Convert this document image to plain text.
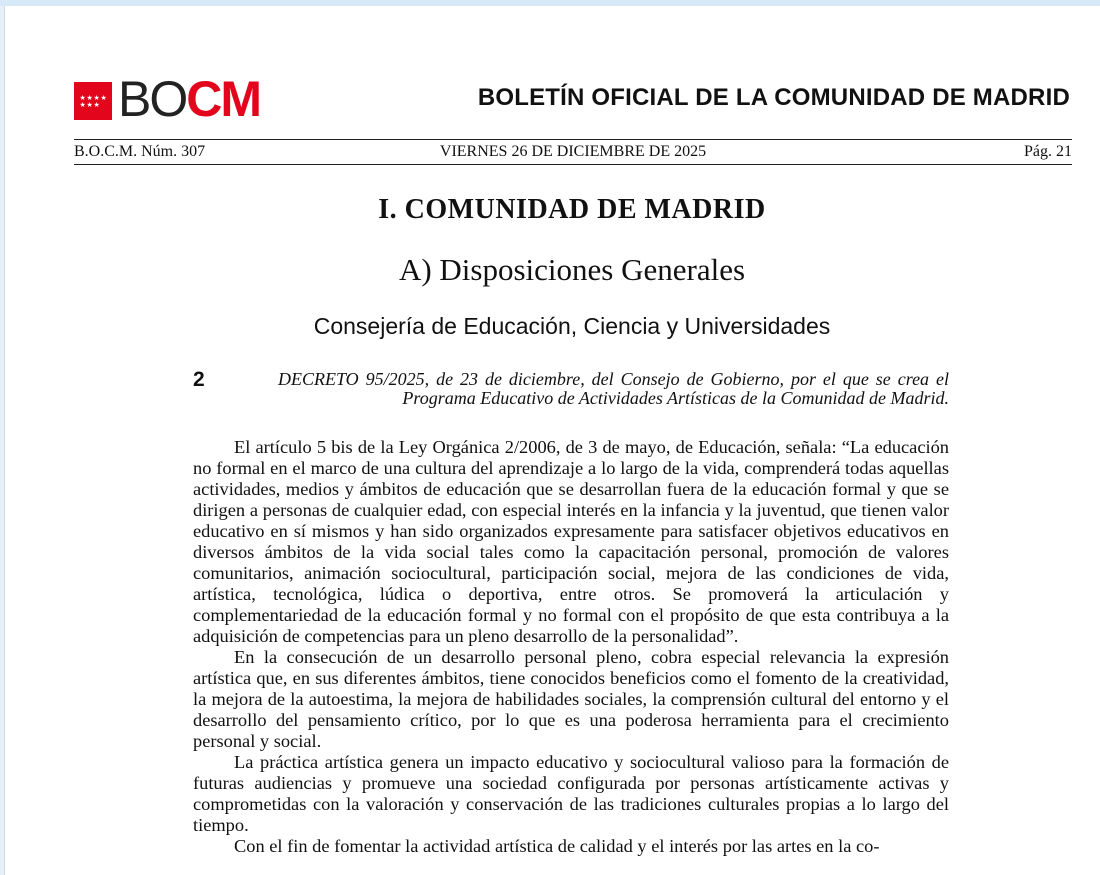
★ ★ ★ ★
★ ★ ★ BO CM	BOLETÍN OFICIAL DE LA COMUNIDAD DE MADRID
VIERNES 26 DE DICIEMBRE DE 2025
B.O.C.M. Núm. 307	Pág. 21
I. COMUNIDAD DE MADRID
A) Disposiciones Generales
Consejería de Educación, Ciencia y Universidades
2	DECRETO 95/2025, de 23 de diciembre, del Consejo de Gobierno, por el que se crea el Programa Educativo de Actividades Artísticas de la Comunidad de Madrid.

El artículo 5 bis de la Ley Orgánica 2/2006, de 3 de mayo, de Educación, señala: “La educación no formal en el marco de una cultura del aprendizaje a lo largo de la vida, comprenderá todas aquellas actividades, medios y ámbitos de educación que se desarrollan fuera de la educación formal y que se dirigen a personas de cualquier edad, con especial interés en la infancia y la juventud, que tienen valor educativo en sí mismos y han sido organizados expresamente para satisfacer objetivos educativos en diversos ámbitos de la vida social tales como la capacitación personal, promoción de valores comunitarios, animación sociocultural, participación social, mejora de las condiciones de vida, artística, tecnológica, lúdica o deportiva, entre otros. Se promoverá la articulación y complementariedad de la educación formal y no formal con el propósito de que esta contribuya a la adquisición de competencias para un pleno desarrollo de la personalidad”.

En la consecución de un desarrollo personal pleno, cobra especial relevancia la expresión artística que, en sus diferentes ámbitos, tiene conocidos beneficios como el fomento de la creatividad, la mejora de la autoestima, la mejora de habilidades sociales, la comprensión cultural del entorno y el desarrollo del pensamiento crítico, por lo que es una poderosa herramienta para el crecimiento personal y social.

La práctica artística genera un impacto educativo y sociocultural valioso para la formación de futuras audiencias y promueve una sociedad configurada por personas artísticamente activas y comprometidas con la valoración y conservación de las tradiciones culturales propias a lo largo del tiempo.

Con el fin de fomentar la actividad artística de calidad y el interés por las artes en la co-
